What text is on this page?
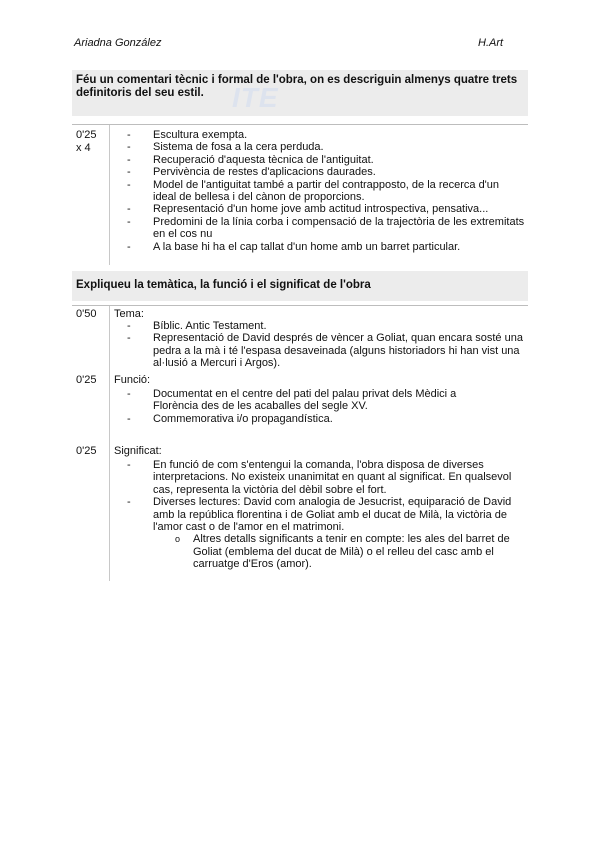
Ariadna González	H.Art
ITE
Féu un comentari tècnic i formal de l'obra, on es descriguin almenys quatre trets definitoris del seu estil.
0'25
x 4
- Escultura exempta.
- Sistema de fosa a la cera perduda.
- Recuperació d'aquesta tècnica de l'antiguitat.
- Pervivència de restes d'aplicacions daurades.
- Model de l'antiguitat també a partir del contrapposto, de la recerca d'un ideal de bellesa i del cànon de proporcions.
- Representació d'un home jove amb actitud introspectiva, pensativa...
- Predomini de la línia corba i compensació de la trajectòria de les extremitats en el cos nu
- A la base hi ha el cap tallat d'un home amb un barret particular.
Expliqueu la temàtica, la funció i el significat de l'obra
0'50 Tema:
- Bíblic. Antic Testament.
- Representació de David després de vèncer a Goliat, quan encara sosté una pedra a la mà i té l'espasa desaveinada (alguns historiadors hi han vist una al·lusió a Mercuri i Argos).
0'25 Funció:
- Documentat en el centre del pati del palau privat dels Mèdici a Florència des de les acaballes del segle XV.
- Commemorativa i/o propagandística.
0'25 Significat:
- En funció de com s'entengui la comanda, l'obra disposa de diverses interpretacions. No existeix unanimitat en quant al significat. En qualsevol cas, representa la victòria del dèbil sobre el fort.
- Diverses lectures: David com analogia de Jesucrist, equiparació de David amb la república florentina i de Goliat amb el ducat de Milà, la victòria de l'amor cast o de l'amor en el matrimoni.
o Altres detalls significants a tenir en compte: les ales del barret de Goliat (emblema del ducat de Milà) o el relleu del casc amb el carruatge d'Eros (amor).
